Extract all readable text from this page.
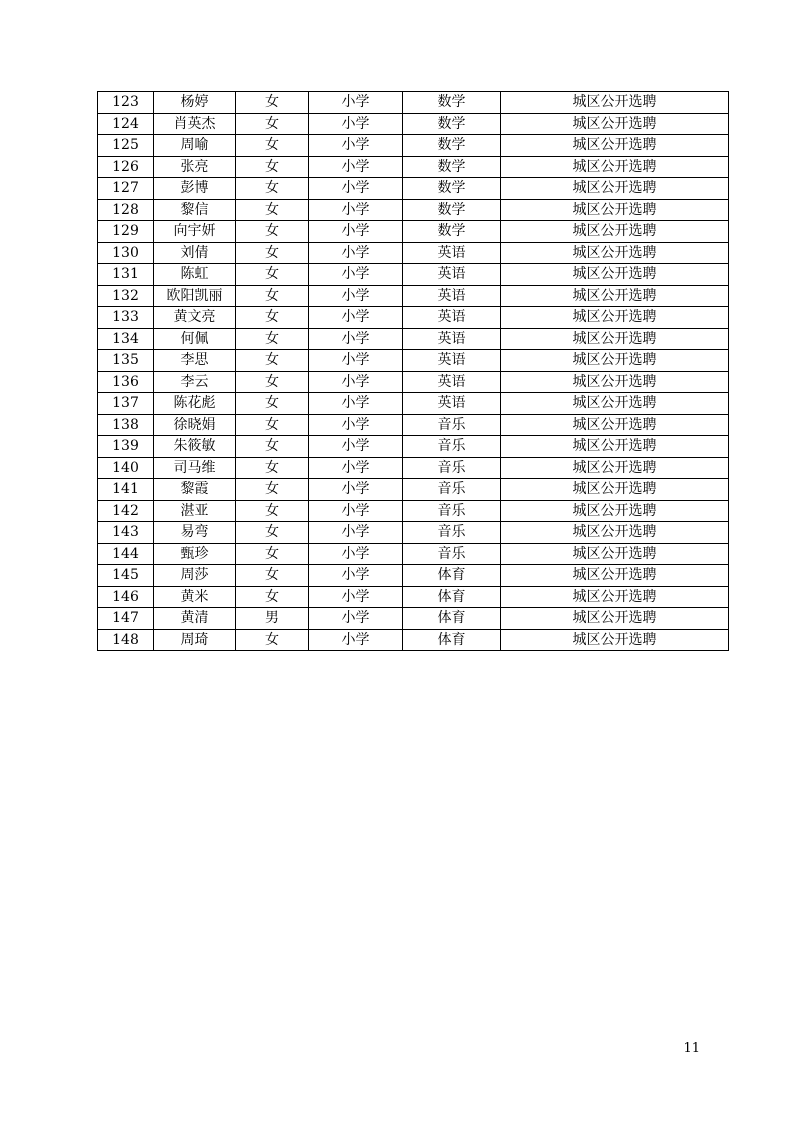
123	杨婷	女	小学	数学	城区公开选聘
124	肖英杰	女	小学	数学	城区公开选聘
125	周喻	女	小学	数学	城区公开选聘
126	张亮	女	小学	数学	城区公开选聘
127	彭博	女	小学	数学	城区公开选聘
128	黎信	女	小学	数学	城区公开选聘
129	向宇妍	女	小学	数学	城区公开选聘
130	刘倩	女	小学	英语	城区公开选聘
131	陈虹	女	小学	英语	城区公开选聘
132	欧阳凯丽	女	小学	英语	城区公开选聘
133	黄文亮	女	小学	英语	城区公开选聘
134	何佩	女	小学	英语	城区公开选聘
135	李思	女	小学	英语	城区公开选聘
136	李云	女	小学	英语	城区公开选聘
137	陈花彪	女	小学	英语	城区公开选聘
138	徐晓娟	女	小学	音乐	城区公开选聘
139	朱筱敏	女	小学	音乐	城区公开选聘
140	司马维	女	小学	音乐	城区公开选聘
141	黎霞	女	小学	音乐	城区公开选聘
142	湛亚	女	小学	音乐	城区公开选聘
143	易弯	女	小学	音乐	城区公开选聘
144	甄珍	女	小学	音乐	城区公开选聘
145	周莎	女	小学	体育	城区公开选聘
146	黄米	女	小学	体育	城区公开选聘
147	黄清	男	小学	体育	城区公开选聘
148	周琦	女	小学	体育	城区公开选聘
11
